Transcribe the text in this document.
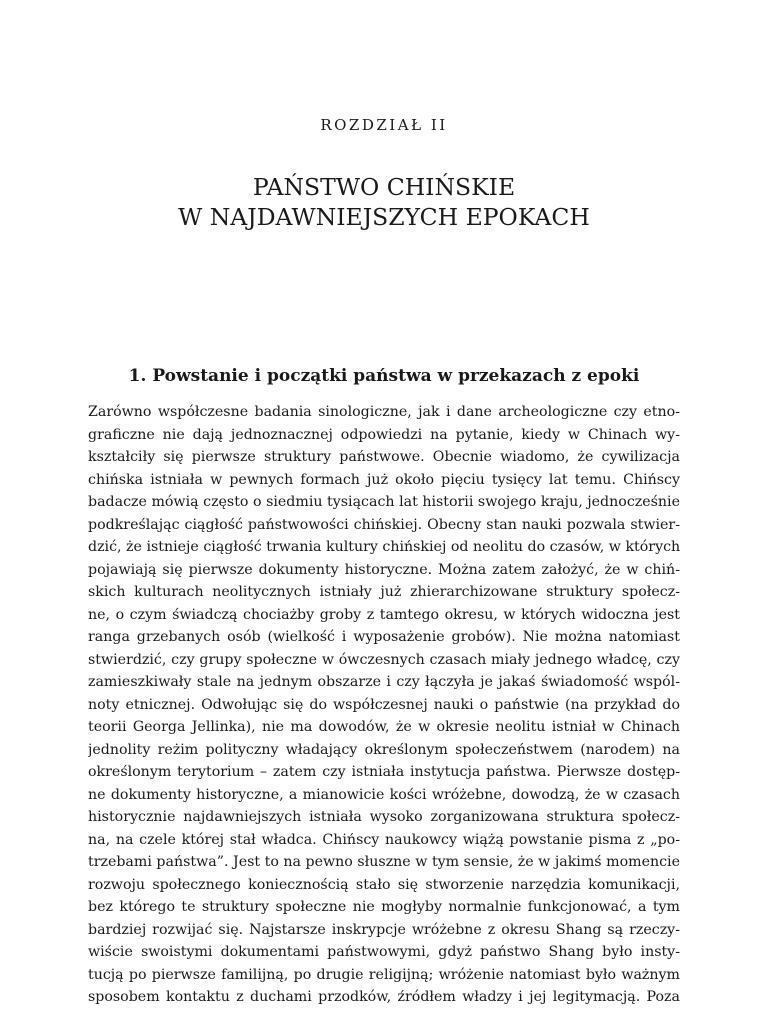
ROZDZIAŁ II
PAŃSTWO CHIŃSKIE
W NAJDAWNIEJSZYCH EPOKACH
1. Powstanie i początki państwa w przekazach z epoki
Zarówno współczesne badania sinologiczne, jak i dane archeologiczne czy etno-
graficzne nie dają jednoznacznej odpowiedzi na pytanie, kiedy w Chinach wy-
kształciły się pierwsze struktury państwowe. Obecnie wiadomo, że cywilizacja
chińska istniała w pewnych formach już około pięciu tysięcy lat temu. Chińscy
badacze mówią często o siedmiu tysiącach lat historii swojego kraju, jednocześnie
podkreślając ciągłość państwowości chińskiej. Obecny stan nauki pozwala stwier-
dzić, że istnieje ciągłość trwania kultury chińskiej od neolitu do czasów, w których
pojawiają się pierwsze dokumenty historyczne. Można zatem założyć, że w chiń-
skich kulturach neolitycznych istniały już zhierarchizowane struktury społecz-
ne, o czym świadczą chociażby groby z tamtego okresu, w których widoczna jest
ranga grzebanych osób (wielkość i wyposażenie grobów). Nie można natomiast
stwierdzić, czy grupy społeczne w ówczesnych czasach miały jednego władcę, czy
zamieszkiwały stale na jednym obszarze i czy łączyła je jakaś świadomość wspól-
noty etnicznej. Odwołując się do współczesnej nauki o państwie (na przykład do
teorii Georga Jellinka), nie ma dowodów, że w okresie neolitu istniał w Chinach
jednolity reżim polityczny władający określonym społeczeństwem (narodem) na
określonym terytorium – zatem czy istniała instytucja państwa. Pierwsze dostęp-
ne dokumenty historyczne, a mianowicie kości wróżebne, dowodzą, że w czasach
historycznie najdawniejszych istniała wysoko zorganizowana struktura społecz-
na, na czele której stał władca. Chińscy naukowcy wiążą powstanie pisma z „po-
trzebami państwa”. Jest to na pewno słuszne w tym sensie, że w jakimś momencie
rozwoju społecznego koniecznością stało się stworzenie narzędzia komunikacji,
bez którego te struktury społeczne nie mogłyby normalnie funkcjonować, a tym
bardziej rozwijać się. Najstarsze inskrypcje wróżebne z okresu Shang są rzeczy-
wiście swoistymi dokumentami państwowymi, gdyż państwo Shang było insty-
tucją po pierwsze familijną, po drugie religijną; wróżenie natomiast było ważnym
sposobem kontaktu z duchami przodków, źródłem władzy i jej legitymacją. Poza
